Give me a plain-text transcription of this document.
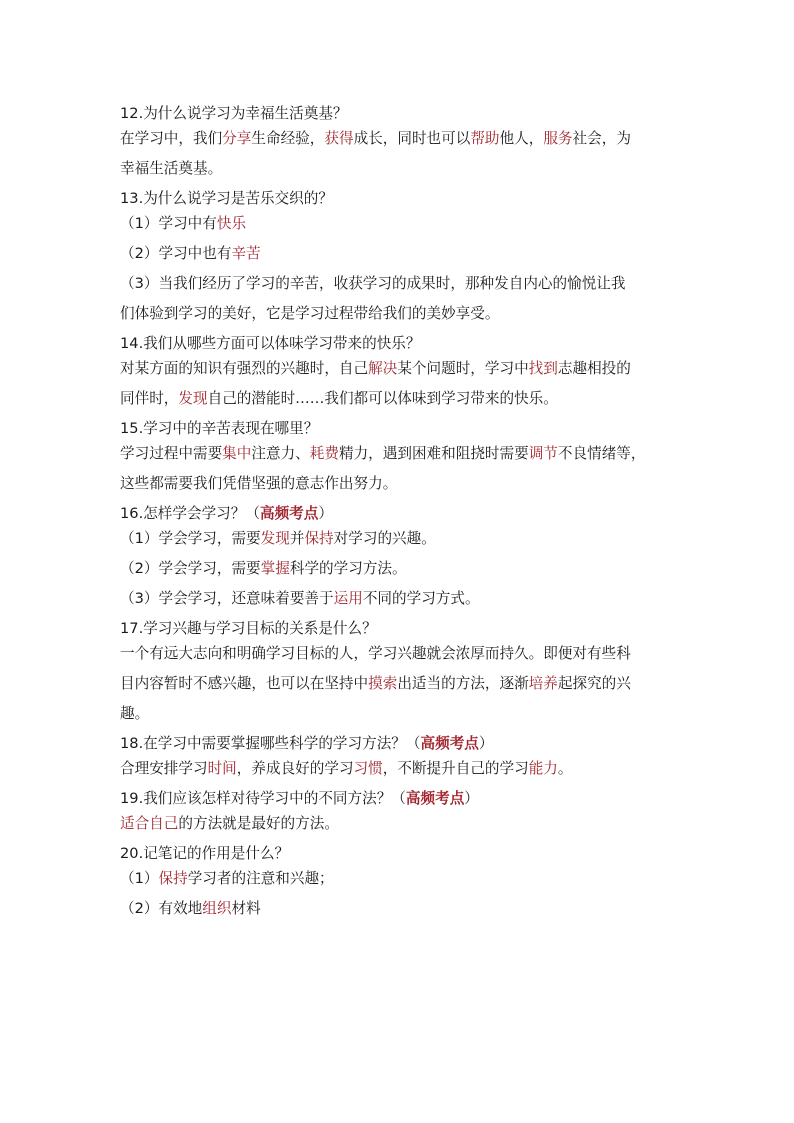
12.为什么说学习为幸福生活奠基？
在学习中，我们分享生命经验，获得成长，同时也可以帮助他人，服务社会，为
幸福生活奠基。
13.为什么说学习是苦乐交织的？
（1）学习中有快乐
（2）学习中也有辛苦
（3）当我们经历了学习的辛苦，收获学习的成果时，那种发自内心的愉悦让我
们体验到学习的美好，它是学习过程带给我们的美妙享受。
14.我们从哪些方面可以体味学习带来的快乐？
对某方面的知识有强烈的兴趣时，自己解决某个问题时，学习中找到志趣相投的
同伴时，发现自己的潜能时……我们都可以体味到学习带来的快乐。
15.学习中的辛苦表现在哪里？
学习过程中需要集中注意力、耗费精力，遇到困难和阻挠时需要调节不良情绪等，
这些都需要我们凭借坚强的意志作出努力。
16.怎样学会学习？（高频考点）
（1）学会学习，需要发现并保持对学习的兴趣。
（2）学会学习，需要掌握科学的学习方法。
（3）学会学习，还意味着要善于运用不同的学习方式。
17.学习兴趣与学习目标的关系是什么？
一个有远大志向和明确学习目标的人，学习兴趣就会浓厚而持久。即便对有些科
目内容暂时不感兴趣，也可以在坚持中摸索出适当的方法，逐渐培养起探究的兴
趣。
18.在学习中需要掌握哪些科学的学习方法？（高频考点）
合理安排学习时间，养成良好的学习习惯，不断提升自己的学习能力。
19.我们应该怎样对待学习中的不同方法？（高频考点）
适合自己的方法就是最好的方法。
20.记笔记的作用是什么？
（1）保持学习者的注意和兴趣；
（2）有效地组织材料
